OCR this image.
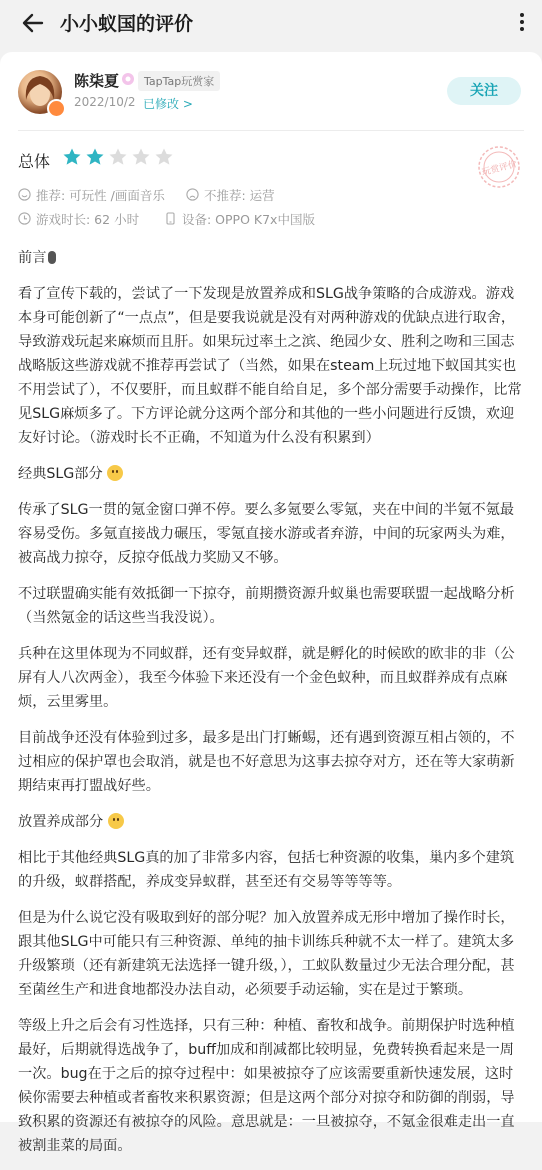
小小蚁国的评价
陈柒夏	TapTap玩赏家
2022/10/2 已修改 >
关注
总体	玩赏评价
推荐: 可玩性 /画面音乐	不推荐: 运营
游戏时长: 62 小时	设备: OPPO K7x中国版

前言

看了宣传下载的，尝试了一下发现是放置养成和SLG战争策略的合成游戏。游戏本身可能创新了“一点点”，但是要我说就是没有对两种游戏的优缺点进行取舍，导致游戏玩起来麻烦而且肝。如果玩过率土之滨、绝园少女、胜利之吻和三国志战略版这些游戏就不推荐再尝试了（当然，如果在steam上玩过地下蚁国其实也不用尝试了），不仅要肝，而且蚁群不能自给自足，多个部分需要手动操作，比常见SLG麻烦多了。下方评论就分这两个部分和其他的一些小问题进行反馈，欢迎友好讨论。（游戏时长不正确，不知道为什么没有积累到）

经典SLG部分

传承了SLG一贯的氪金窗口弹不停。要么多氪要么零氪，夹在中间的半氪不氪最容易受伤。多氪直接战力碾压，零氪直接水游或者弃游，中间的玩家两头为难，被高战力掠夺，反掠夺低战力奖励又不够。

不过联盟确实能有效抵御一下掠夺，前期攒资源升蚁巢也需要联盟一起战略分析（当然氪金的话这些当我没说）。

兵种在这里体现为不同蚁群，还有变异蚁群，就是孵化的时候欧的欧非的非（公屏有人八次两金），我至今体验下来还没有一个金色蚁种，而且蚁群养成有点麻烦，云里雾里。

目前战争还没有体验到过多，最多是出门打蜥蜴，还有遇到资源互相占领的，不过相应的保护罩也会取消，就是也不好意思为这事去掠夺对方，还在等大家萌新期结束再打盟战好些。

放置养成部分

相比于其他经典SLG真的加了非常多内容，包括七种资源的收集，巢内多个建筑的升级，蚁群搭配，养成变异蚁群，甚至还有交易等等等等。

但是为什么说它没有吸取到好的部分呢？加入放置养成无形中增加了操作时长，跟其他SLG中可能只有三种资源、单纯的抽卡训练兵种就不太一样了。建筑太多升级繁琐（还有新建筑无法选择一键升级，），工蚁队数量过少无法合理分配，甚至菌丝生产和进食地都没办法自动，必须要手动运输，实在是过于繁琐。

等级上升之后会有习性选择，只有三种：种植、畜牧和战争。前期保护时选种植最好，后期就得选战争了，buff加成和削减都比较明显，免费转换看起来是一周一次。bug在于之后的掠夺过程中：如果被掠夺了应该需要重新快速发展，这时候你需要去种植或者畜牧来积累资源；但是这两个部分对掠夺和防御的削弱，导致积累的资源还有被掠夺的风险。意思就是：一旦被掠夺，不氪金很难走出一直被割韭菜的局面。
